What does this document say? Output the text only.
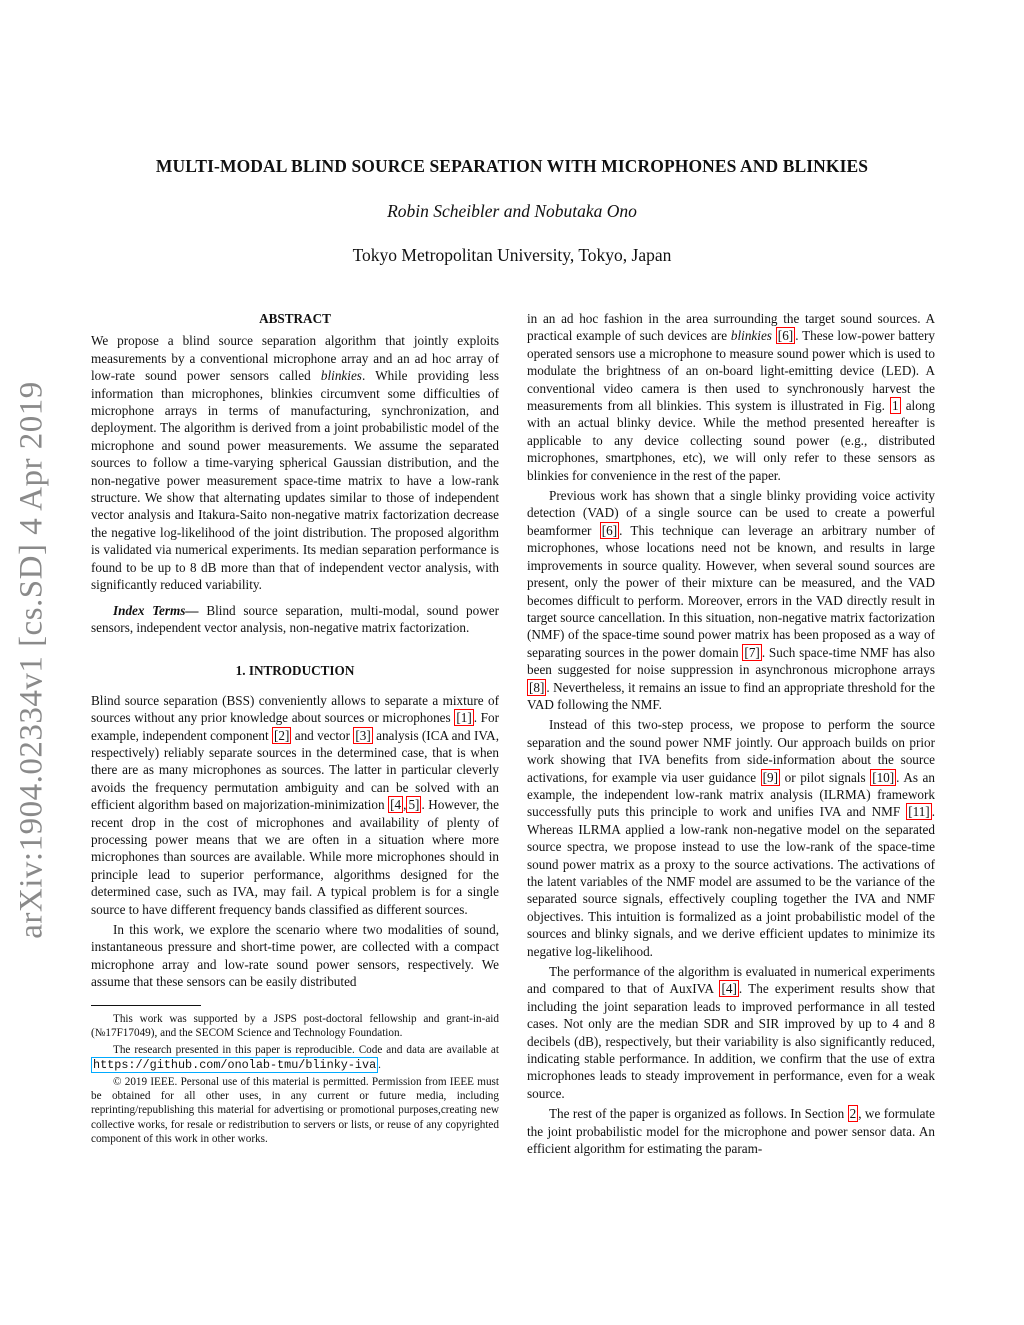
arXiv:1904.02334v1 [cs.SD] 4 Apr 2019
MULTI-MODAL BLIND SOURCE SEPARATION WITH MICROPHONES AND BLINKIES
Robin Scheibler and Nobutaka Ono
Tokyo Metropolitan University, Tokyo, Japan
ABSTRACT

We propose a blind source separation algorithm that jointly exploits measurements by a conventional microphone array and an ad hoc array of low-rate sound power sensors called blinkies. While providing less information than microphones, blinkies circumvent some difficulties of microphone arrays in terms of manufacturing, synchronization, and deployment. The algorithm is derived from a joint probabilistic model of the microphone and sound power measurements. We assume the separated sources to follow a time-varying spherical Gaussian distribution, and the non-negative power measurement space-time matrix to have a low-rank structure. We show that alternating updates similar to those of independent vector analysis and Itakura-Saito non-negative matrix factorization decrease the negative log-likelihood of the joint distribution. The proposed algorithm is validated via numerical experiments. Its median separation performance is found to be up to 8 dB more than that of independent vector analysis, with significantly reduced variability.

Index Terms— Blind source separation, multi-modal, sound power sensors, independent vector analysis, non-negative matrix factorization.

1. INTRODUCTION

Blind source separation (BSS) conveniently allows to separate a mixture of sources without any prior knowledge about sources or microphones [1] . For example, independent component [2] and vector [3] analysis (ICA and IVA, respectively) reliably separate sources in the determined case, that is when there are as many microphones as sources. The latter in particular cleverly avoids the frequency permutation ambiguity and can be solved with an efficient algorithm based on majorization-minimization [4 , 5] . However, the recent drop in the cost of microphones and availability of plenty of processing power means that we are often in a situation where more microphones than sources are available. While more microphones should in principle lead to superior performance, algorithms designed for the determined case, such as IVA, may fail. A typical problem is for a single source to have different frequency bands classified as different sources.

In this work, we explore the scenario where two modalities of sound, instantaneous pressure and short-time power, are collected with a compact microphone array and low-rate sound power sensors, respectively. We assume that these sensors can be easily distributed

This work was supported by a JSPS post-doctoral fellowship and grant-in-aid (№17F17049), and the SECOM Science and Technology Foundation.

The research presented in this paper is reproducible. Code and data are available at https://github.com/onolab-tmu/blinky-iva .

© 2019 IEEE. Personal use of this material is permitted. Permission from IEEE must be obtained for all other uses, in any current or future media, including reprinting/republishing this material for advertising or promotional purposes,creating new collective works, for resale or redistribution to servers or lists, or reuse of any copyrighted component of this work in other works.

in an ad hoc fashion in the area surrounding the target sound sources. A practical example of such devices are blinkies [6] . These low-power battery operated sensors use a microphone to measure sound power which is used to modulate the brightness of an on-board light-emitting device (LED). A conventional video camera is then used to synchronously harvest the measurements from all blinkies. This system is illustrated in Fig. 1 along with an actual blinky device. While the method presented hereafter is applicable to any device collecting sound power (e.g., distributed microphones, smartphones, etc), we will only refer to these sensors as blinkies for convenience in the rest of the paper.

Previous work has shown that a single blinky providing voice activity detection (VAD) of a single source can be used to create a powerful beamformer [6] . This technique can leverage an arbitrary number of microphones, whose locations need not be known, and results in large improvements in source quality. However, when several sound sources are present, only the power of their mixture can be measured, and the VAD becomes difficult to perform. Moreover, errors in the VAD directly result in target source cancellation. In this situation, non-negative matrix factorization (NMF) of the space-time sound power matrix has been proposed as a way of separating sources in the power domain [7] . Such space-time NMF has also been suggested for noise suppression in asynchronous microphone arrays [8] . Nevertheless, it remains an issue to find an appropriate threshold for the VAD following the NMF.

Instead of this two-step process, we propose to perform the source separation and the sound power NMF jointly. Our approach builds on prior work showing that IVA benefits from side-information about the source activations, for example via user guidance [9] or pilot signals [10] . As an example, the independent low-rank matrix analysis (ILRMA) framework successfully puts this principle to work and unifies IVA and NMF [11] . Whereas ILRMA applied a low-rank non-negative model on the separated source spectra, we propose instead to use the low-rank of the space-time sound power matrix as a proxy to the source activations. The activations of the latent variables of the NMF model are assumed to be the variance of the separated source signals, effectively coupling together the IVA and NMF objectives. This intuition is formalized as a joint probabilistic model of the sources and blinky signals, and we derive efficient updates to minimize its negative log-likelihood.

The performance of the algorithm is evaluated in numerical experiments and compared to that of AuxIVA [4] . The experiment results show that including the joint separation leads to improved performance in all tested cases. Not only are the median SDR and SIR improved by up to 4 and 8 decibels (dB), respectively, but their variability is also significantly reduced, indicating stable performance. In addition, we confirm that the use of extra microphones leads to steady improvement in performance, even for a weak source.

The rest of the paper is organized as follows. In Section 2 , we formulate the joint probabilistic model for the microphone and power sensor data. An efficient algorithm for estimating the param-
